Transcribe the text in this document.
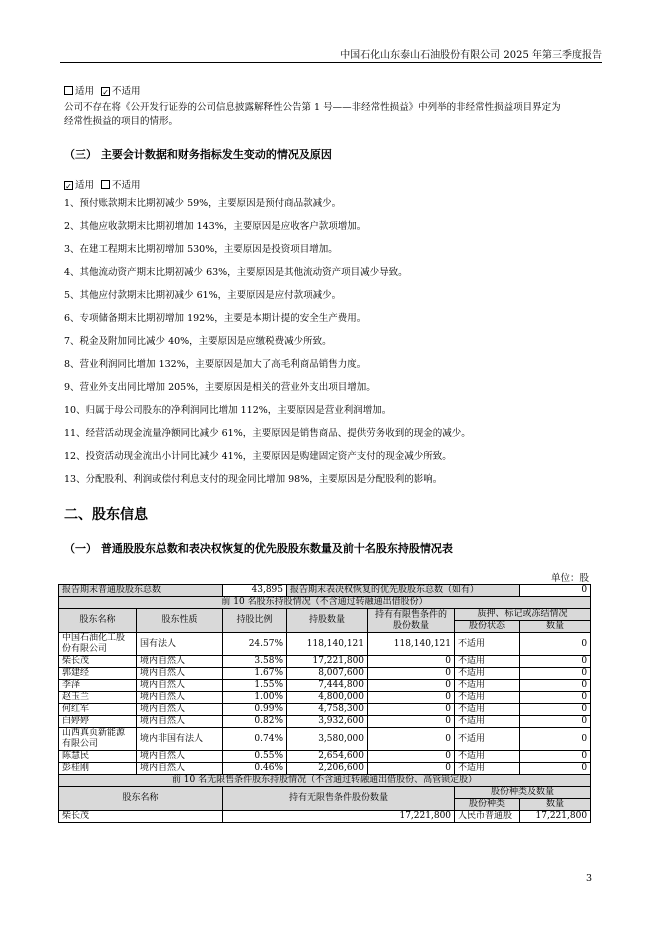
中国石化山东泰山石油股份有限公司 2025 年第三季度报告
适用 ✓ 不适用
公司不存在将《公开发行证券的公司信息披露解释性公告第 1 号——非经常性损益》中列举的非经常性损益项目界定为
经常性损益的项目的情形。
（三） 主要会计数据和财务指标发生变动的情况及原因
✓ 适用 不适用
1、预付账款期末比期初减少 59%，主要原因是预付商品款减少。
2、其他应收款期末比期初增加 143%，主要原因是应收客户款项增加。
3、在建工程期末比期初增加 530%，主要原因是投资项目增加。
4、其他流动资产期末比期初减少 63%，主要原因是其他流动资产项目减少导致。
5、其他应付款期末比期初减少 61%，主要原因是应付款项减少。
6、专项储备期末比期初增加 192%，主要是本期计提的安全生产费用。
7、税金及附加同比减少 40%，主要原因是应缴税费减少所致。
8、营业利润同比增加 132%，主要原因是加大了高毛利商品销售力度。
9、营业外支出同比增加 205%，主要原因是相关的营业外支出项目增加。
10、归属于母公司股东的净利润同比增加 112%，主要原因是营业利润增加。
11、经营活动现金流量净额同比减少 61%，主要原因是销售商品、提供劳务收到的现金的减少。
12、投资活动现金流出小计同比减少 41%，主要原因是购建固定资产支付的现金减少所致。
13、分配股利、利润或偿付利息支付的现金同比增加 98%，主要原因是分配股利的影响。
二、股东信息
（一） 普通股股东总数和表决权恢复的优先股股东数量及前十名股东持股情况表
单位：股
报告期末普通股股东总数		43,895	报告期末表决权恢复的优先股股东总数（如有）			0
前 10 名股东持股情况（不含通过转融通出借股份）						
股东名称	股东性质	持股比例	持股数量	持有有限售条件的股份数量	质押、标记或冻结情况	
					股份状态	数量
中国石油化工股份有限公司	国有法人	24.57%	118,140,121	118,140,121	不适用	0
柴长茂	境内自然人	3.58%	17,221,800	0	不适用	0
郭建经	境内自然人	1.67%	8,007,600	0	不适用	0
李泽	境内自然人	1.55%	7,444,800	0	不适用	0
赵玉兰	境内自然人	1.00%	4,800,000	0	不适用	0
何红军	境内自然人	0.99%	4,758,300	0	不适用	0
白婷婷	境内自然人	0.82%	3,932,600	0	不适用	0
山西真页新能源有限公司	境内非国有法人	0.74%	3,580,000	0	不适用	0
陈慧民	境内自然人	0.55%	2,654,600	0	不适用	0
彭桂刚	境内自然人	0.46%	2,206,600	0	不适用	0
前 10 名无限售条件股东持股情况（不含通过转融通出借股份、高管锁定股）						
股东名称		持有无限售条件股份数量			股份种类及数量	
					股份种类	数量
柴长茂		17,221,800			人民币普通股	17,221,800
3
